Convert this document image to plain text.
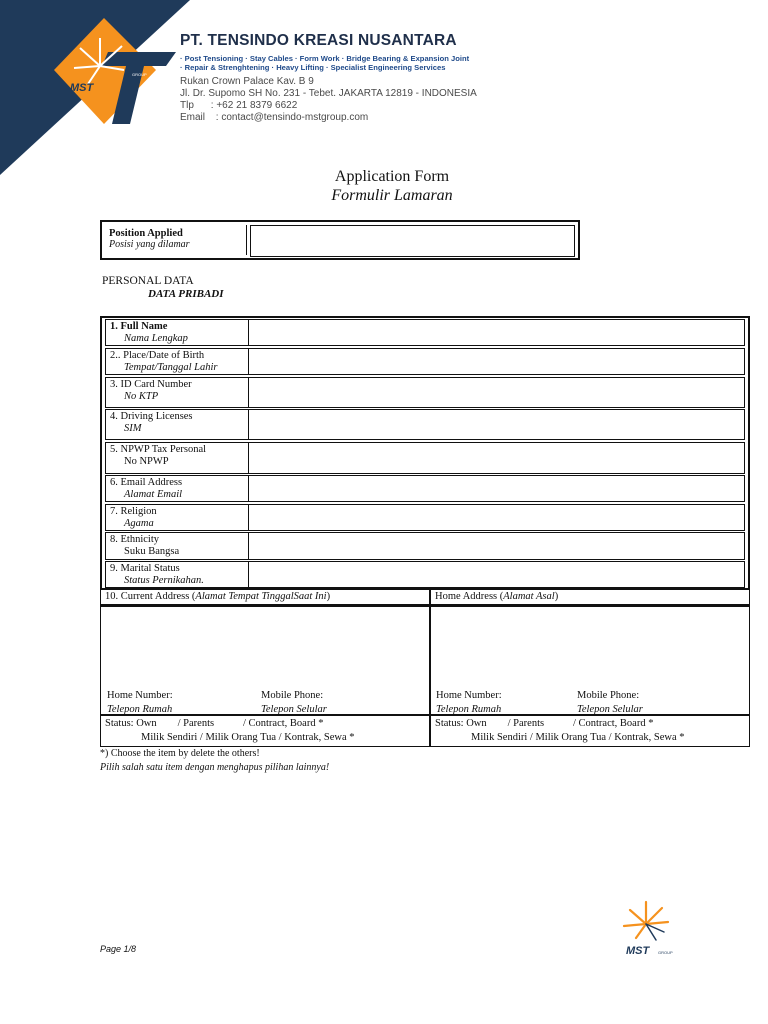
MST
GROUP
PT. TENSINDO KREASI NUSANTARA
· Post Tensioning · Stay Cables · Form Work · Bridge Bearing & Expansion Joint
· Repair & Strenghtening · Heavy Lifting · Specialist Engineering Services
Rukan Crown Palace Kav. B 9
Jl. Dr. Supomo SH No. 231 - Tebet. JAKARTA 12819 - INDONESIA
Tlp : +62 21 8379 6622
Email : contact@tensindo-mstgroup.com
Application Form
Formulir Lamaran
Position Applied
Posisi yang dilamar
PERSONAL DATA
DATA PRIBADI
1. Full Name
Nama Lengkap
2.. Place/Date of Birth
Tempat/Tanggal Lahir
3. ID Card Number
No KTP
4. Driving Licenses
SIM
5. NPWP Tax Personal
No NPWP
6. Email Address
Alamat Email
7. Religion
Agama
8. Ethnicity
Suku Bangsa
9. Marital Status
Status Pernikahan.
10. Current Address (Alamat Tempat TinggalSaat Ini)	Home Address (Alamat Asal)
Home Number:
Telepon Rumah
Mobile Phone:
Telepon Selular
Home Number:
Telepon Rumah
Mobile Phone:
Telepon Selular
Status: Own        / Parents           / Contract, Board *
Milik Sendiri / Milik Orang Tua / Kontrak, Sewa *
Status: Own        / Parents           / Contract, Board *
Milik Sendiri / Milik Orang Tua / Kontrak, Sewa *
*) Choose the item by delete the others!
Pilih salah satu item dengan menghapus pilihan lainnya!
Page 1/8	MST	GROUP
